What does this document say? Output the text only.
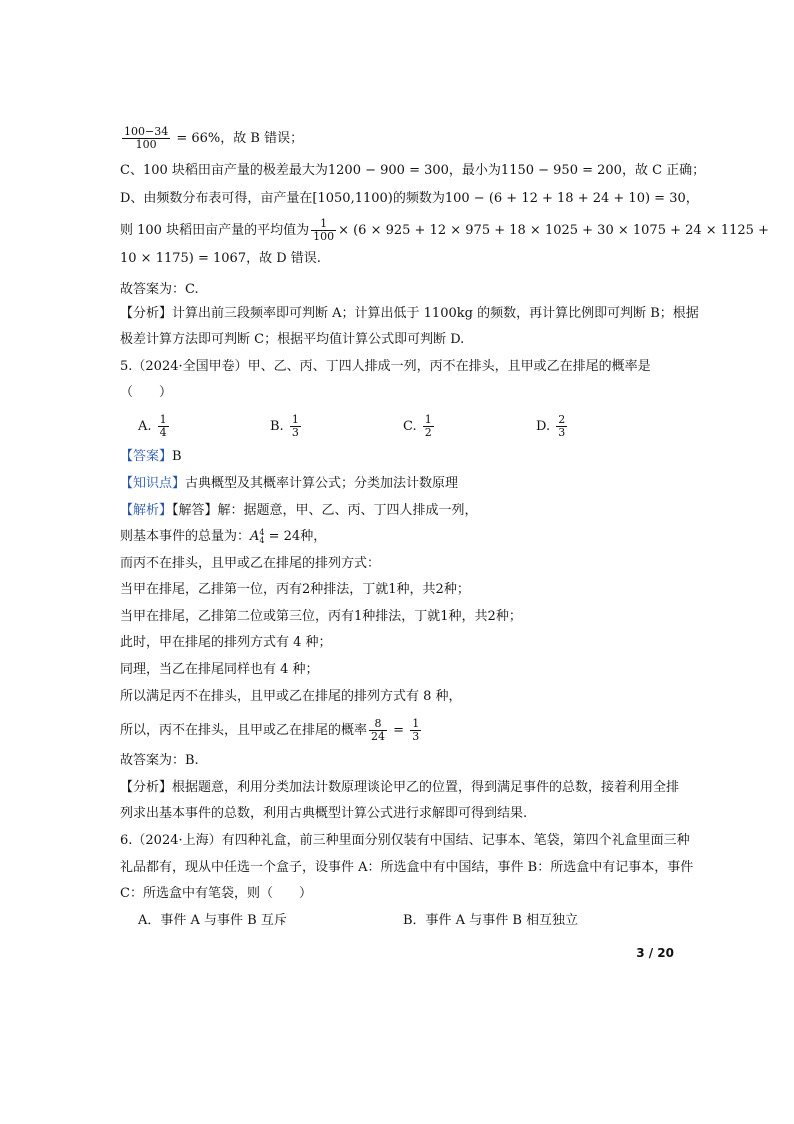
$\frac{100-34}{100} = 66\%$，故 B 错误；
C、100 块稻田亩产量的极差最大为1200 − 900 = 300，最小为1150 − 950 = 200，故 C 正确；
D、由频数分布表可得，亩产量在[1050,1100)的频数为100 − (6 + 12 + 18 + 24 + 10) = 30，
则 100 块稻田亩产量的平均值为 $\frac{1}{100} \times (6 \times 925 + 12 \times 975 + 18 \times 1025 + 30 \times 1075 + 24 \times 1125$ +
10 × 1175) = 1067，故 D 错误.
故答案为：C.
【分析】计算出前三段频率即可判断 A；计算出低于 1100kg 的频数，再计算比例即可判断 B；根据
极差计算方法即可判断 C；根据平均值计算公式即可判断 D.
5.（2024·全国甲卷）甲、乙、丙、丁四人排成一列，丙不在排头，且甲或乙在排尾的概率是
（　　）
A. $\frac{1}{4}$	B. $\frac{1}{3}$	C. $\frac{1}{2}$	D. $\frac{2}{3}$
【答案】B
【知识点】古典概型及其概率计算公式；分类加法计数原理
【解析】【解答】解：据题意，甲、乙、丙、丁四人排成一列，
则基本事件的总量为：A 4
4 = 24种，
而丙不在排头，且甲或乙在排尾的排列方式：
当甲在排尾，乙排第一位，丙有2种排法，丁就1种，共2种；
当甲在排尾，乙排第二位或第三位，丙有1种排法，丁就1种，共2种；
此时，甲在排尾的排列方式有 4 种；
同理，当乙在排尾同样也有 4 种；
所以满足丙不在排头，且甲或乙在排尾的排列方式有 8 种，
所以，丙不在排头，且甲或乙在排尾的概率 $\frac{8}{24} = \frac{1}{3}$
故答案为：B.
【分析】根据题意，利用分类加法计数原理谈论甲乙的位置，得到满足事件的总数，接着利用全排
列求出基本事件的总数，利用古典概型计算公式进行求解即可得到结果.
6.（2024·上海）有四种礼盒，前三种里面分别仅装有中国结、记事本、笔袋，第四个礼盒里面三种
礼品都有，现从中任选一个盒子，设事件 A：所选盒中有中国结，事件 B：所选盒中有记事本，事件
C：所选盒中有笔袋，则（　　）
A．事件 A 与事件 B 互斥	B．事件 A 与事件 B 相互独立
3 / 20
